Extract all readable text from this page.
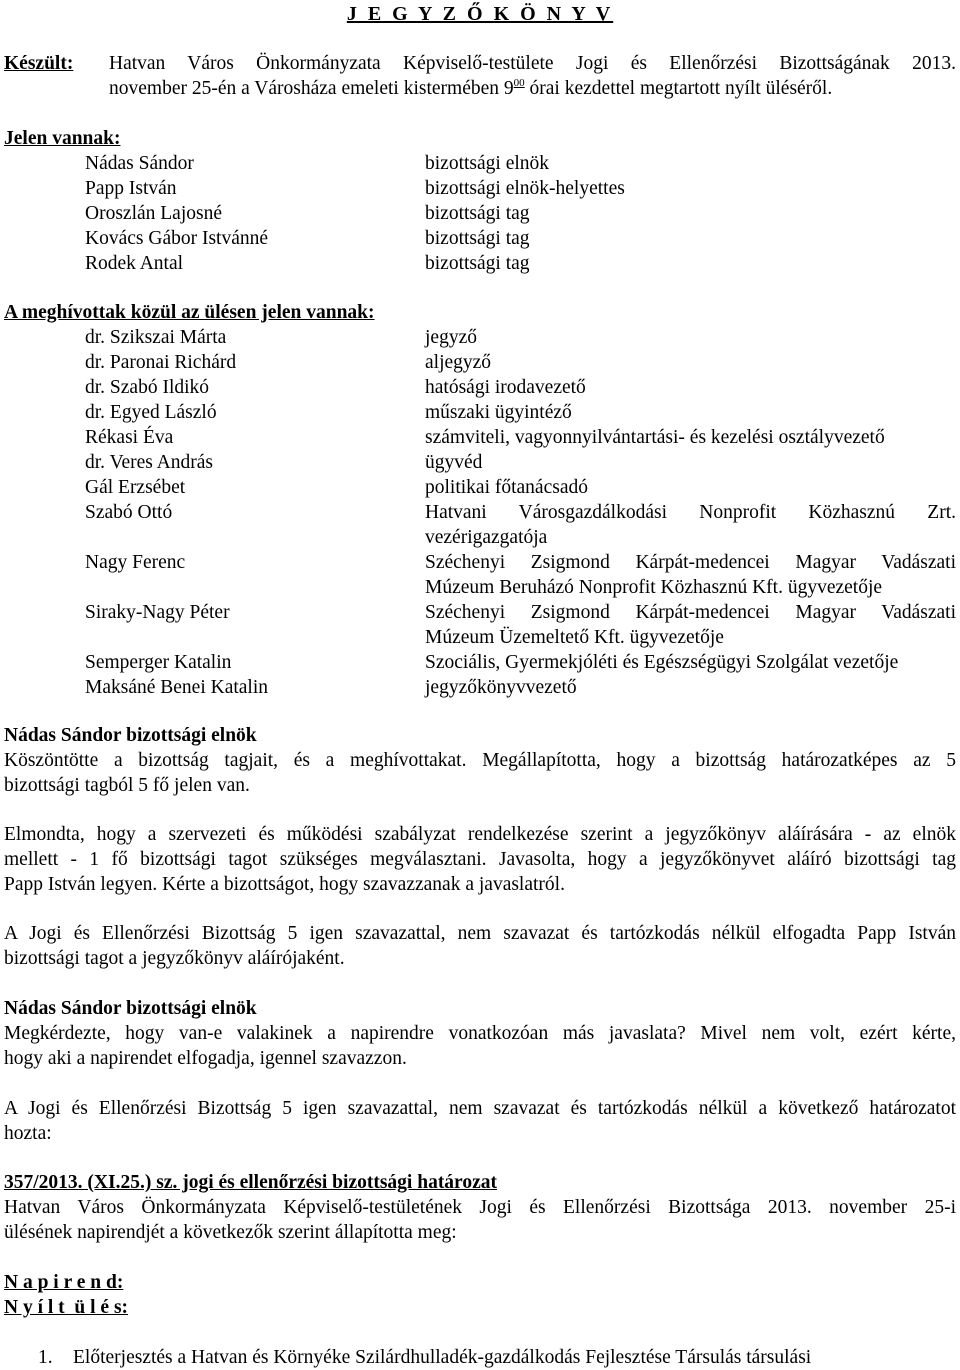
J E G Y Z Ő K Ö N Y V
Készült: Hatvan Város Önkormányzata Képviselő-testülete Jogi és Ellenőrzési Bizottságának 2013.
november 25-én a Városháza emeleti kistermében $9^{00}$ órai kezdettel megtartott nyílt üléséről.
Jelen vannak:
Nádas Sándor	bizottsági elnök
Papp István	bizottsági elnök-helyettes
Oroszlán Lajosné	bizottsági tag
Kovács Gábor Istvánné	bizottsági tag
Rodek Antal	bizottsági tag
A meghívottak közül az ülésen jelen vannak:
dr. Szikszai Márta	jegyző
dr. Paronai Richárd	aljegyző
dr. Szabó Ildikó	hatósági irodavezető
dr. Egyed László	műszaki ügyintéző
Rékasi Éva	számviteli, vagyonnyilvántartási- és kezelési osztályvezető
dr. Veres András	ügyvéd
Gál Erzsébet	politikai főtanácsadó
Szabó Ottó	Hatvani Városgazdálkodási Nonprofit Közhasznú Zrt.
vezérigazgatója
Nagy Ferenc	Széchenyi Zsigmond Kárpát-medencei Magyar Vadászati
Múzeum Beruházó Nonprofit Közhasznú Kft. ügyvezetője
Siraky-Nagy Péter	Széchenyi Zsigmond Kárpát-medencei Magyar Vadászati
Múzeum Üzemeltető Kft. ügyvezetője
Semperger Katalin	Szociális, Gyermekjóléti és Egészségügyi Szolgálat vezetője
Maksáné Benei Katalin	jegyzőkönyvvezető
Nádas Sándor bizottsági elnök
Köszöntötte a bizottság tagjait, és a meghívottakat. Megállapította, hogy a bizottság határozatképes az 5
bizottsági tagból 5 fő jelen van.
Elmondta, hogy a szervezeti és működési szabályzat rendelkezése szerint a jegyzőkönyv aláírására - az elnök
mellett - 1 fő bizottsági tagot szükséges megválasztani. Javasolta, hogy a jegyzőkönyvet aláíró bizottsági tag
Papp István legyen. Kérte a bizottságot, hogy szavazzanak a javaslatról.
A Jogi és Ellenőrzési Bizottság 5 igen szavazattal, nem szavazat és tartózkodás nélkül elfogadta Papp István
bizottsági tagot a jegyzőkönyv aláírójaként.
Nádas Sándor bizottsági elnök
Megkérdezte, hogy van-e valakinek a napirendre vonatkozóan más javaslata? Mivel nem volt, ezért kérte,
hogy aki a napirendet elfogadja, igennel szavazzon.
A Jogi és Ellenőrzési Bizottság 5 igen szavazattal, nem szavazat és tartózkodás nélkül a következő határozatot
hozta:
357/2013. (XI.25.) sz. jogi és ellenőrzési bizottsági határozat
Hatvan Város Önkormányzata Képviselő-testületének Jogi és Ellenőrzési Bizottsága 2013. november 25-i
ülésének napirendjét a következők szerint állapította meg:
N a p i r e n d:
N y í l t  ü l é s:
1. Előterjesztés a Hatvan és Környéke Szilárdhulladék-gazdálkodás Fejlesztése Társulás társulási
